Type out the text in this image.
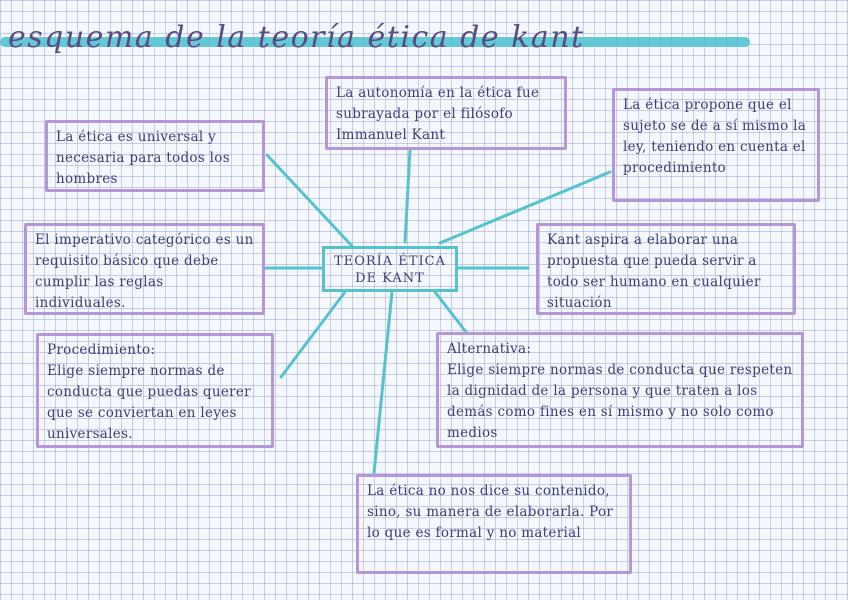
esquema de la teoría ética de kant
TEORÍA ÉTICA
DE KANT
La autonomía en la ética fue subrayada por el filósofo Immanuel Kant
La ética es universal y necesaria para todos los hombres
La ética propone que el sujeto se de a sí mismo la ley, teniendo en cuenta el procedimiento
El imperativo categórico es un requisito básico que debe cumplir las reglas individuales.
Kant aspira a elaborar una propuesta que pueda servir a todo ser humano en cualquier situación
Procedimiento:
Elige siempre normas de conducta que puedas querer que se conviertan en leyes universales.
Alternativa:
Elige siempre normas de conducta que respeten la dignidad de la persona y que traten a los demás como fines en sí mismo y no solo como medios
La ética no nos dice su contenido, sino, su manera de elaborarla. Por lo que es formal y no material
